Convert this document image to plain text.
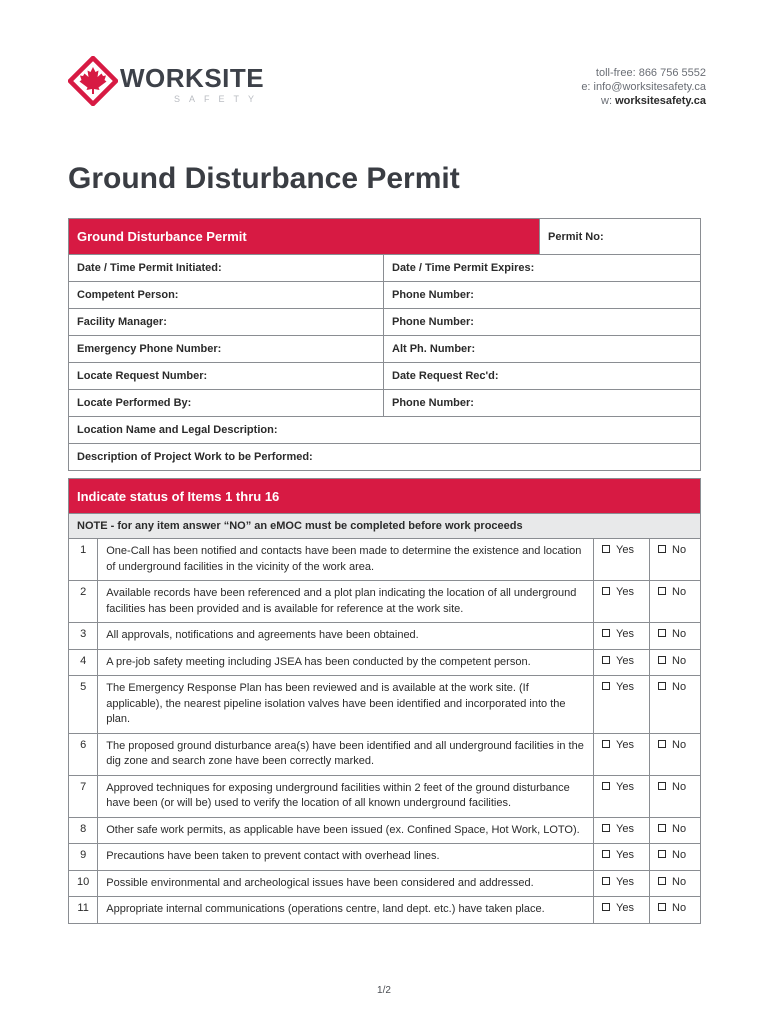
WORKSITE
SAFETY
toll-free: 866 756 5552
e: info@worksitesafety.ca
w: worksitesafety.ca
Ground Disturbance Permit
Ground Disturbance Permit		Permit No:
Date / Time Permit Initiated:	Date / Time Permit Expires:	
Competent Person:	Phone Number:	
Facility Manager:	Phone Number:	
Emergency Phone Number:	Alt Ph. Number:	
Locate Request Number:	Date Request Rec'd:	
Locate Performed By:	Phone Number:	
Location Name and Legal Description:		
Description of Project Work to be Performed:		
Indicate status of Items 1 thru 16			
NOTE - for any item answer “NO” an eMOC must be completed before work proceeds			
1	One-Call has been notified and contacts have been made to determine the existence and location of underground facilities in the vicinity of the work area.	Yes	No
2	Available records have been referenced and a plot plan indicating the location of all underground facilities has been provided and is available for reference at the work site.	Yes	No
3	All approvals, notifications and agreements have been obtained.	Yes	No
4	A pre-job safety meeting including JSEA has been conducted by the competent person.	Yes	No
5	The Emergency Response Plan has been reviewed and is available at the work site. (If applicable), the nearest pipeline isolation valves have been identified and incorporated into the plan.	Yes	No
6	The proposed ground disturbance area(s) have been identified and all underground facilities in the dig zone and search zone have been correctly marked.	Yes	No
7	Approved techniques for exposing underground facilities within 2 feet of the ground disturbance have been (or will be) used to verify the location of all known underground facilities.	Yes	No
8	Other safe work permits, as applicable have been issued (ex. Confined Space, Hot Work, LOTO).	Yes	No
9	Precautions have been taken to prevent contact with overhead lines.	Yes	No
10	Possible environmental and archeological issues have been considered and addressed.	Yes	No
11	Appropriate internal communications (operations centre, land dept. etc.) have taken place.	Yes	No
1/2
